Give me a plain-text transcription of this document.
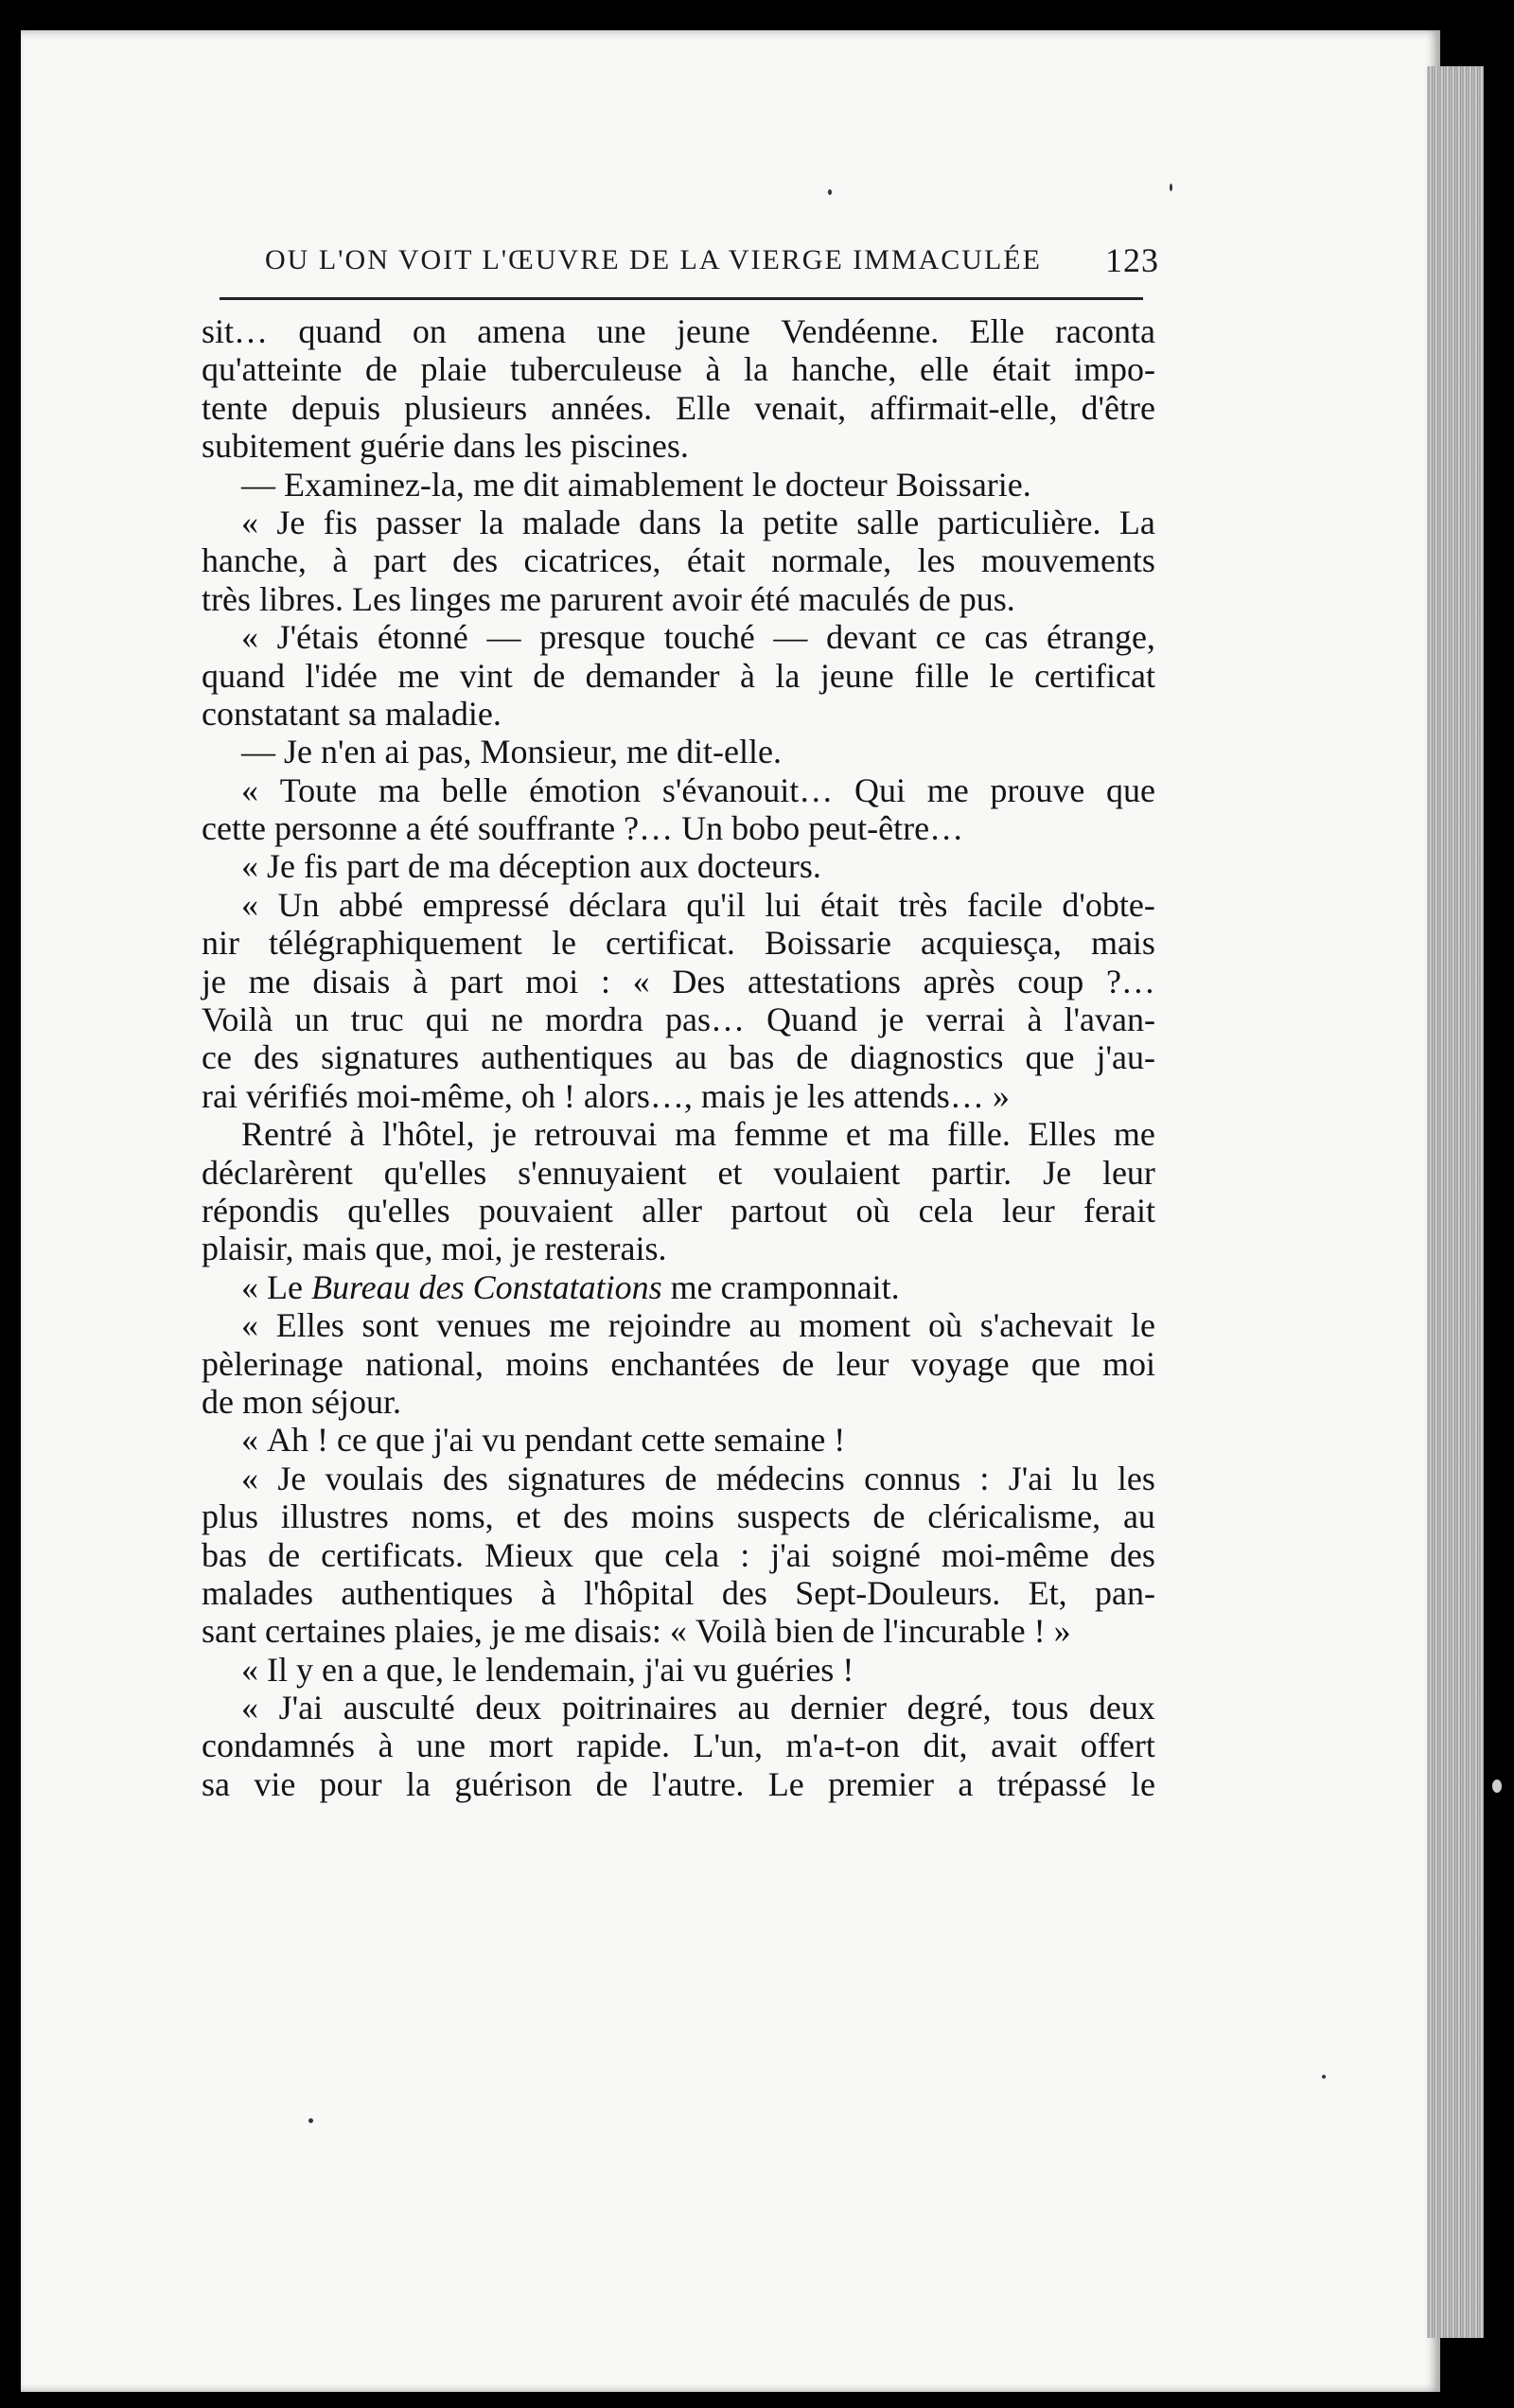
OU L'ON VOIT L'ŒUVRE DE LA VIERGE IMMACULÉE 123
sit… quand on amena une jeune Vendéenne. Elle raconta
qu'atteinte de plaie tuberculeuse à la hanche, elle était impo-
tente depuis plusieurs années. Elle venait, affirmait-elle, d'être
subitement guérie dans les piscines.
— Examinez-la, me dit aimablement le docteur Boissarie.
« Je fis passer la malade dans la petite salle particulière. La
hanche, à part des cicatrices, était normale, les mouvements
très libres. Les linges me parurent avoir été maculés de pus.
« J'étais étonné — presque touché — devant ce cas étrange,
quand l'idée me vint de demander à la jeune fille le certificat
constatant sa maladie.
— Je n'en ai pas, Monsieur, me dit-elle.
« Toute ma belle émotion s'évanouit… Qui me prouve que
cette personne a été souffrante ?… Un bobo peut-être…
« Je fis part de ma déception aux docteurs.
« Un abbé empressé déclara qu'il lui était très facile d'obte-
nir télégraphiquement le certificat. Boissarie acquiesça, mais
je me disais à part moi : « Des attestations après coup ?…
Voilà un truc qui ne mordra pas… Quand je verrai à l'avan-
ce des signatures authentiques au bas de diagnostics que j'au-
rai vérifiés moi-même, oh ! alors…, mais je les attends… »
Rentré à l'hôtel, je retrouvai ma femme et ma fille. Elles me
déclarèrent qu'elles s'ennuyaient et voulaient partir. Je leur
répondis qu'elles pouvaient aller partout où cela leur ferait
plaisir, mais que, moi, je resterais.
« Le Bureau des Constatations me cramponnait.
« Elles sont venues me rejoindre au moment où s'achevait le
pèlerinage national, moins enchantées de leur voyage que moi
de mon séjour.
« Ah ! ce que j'ai vu pendant cette semaine !
« Je voulais des signatures de médecins connus : J'ai lu les
plus illustres noms, et des moins suspects de cléricalisme, au
bas de certificats. Mieux que cela : j'ai soigné moi-même des
malades authentiques à l'hôpital des Sept-Douleurs. Et, pan-
sant certaines plaies, je me disais: « Voilà bien de l'incurable ! »
« Il y en a que, le lendemain, j'ai vu guéries !
« J'ai ausculté deux poitrinaires au dernier degré, tous deux
condamnés à une mort rapide. L'un, m'a-t-on dit, avait offert
sa vie pour la guérison de l'autre. Le premier a trépassé le
